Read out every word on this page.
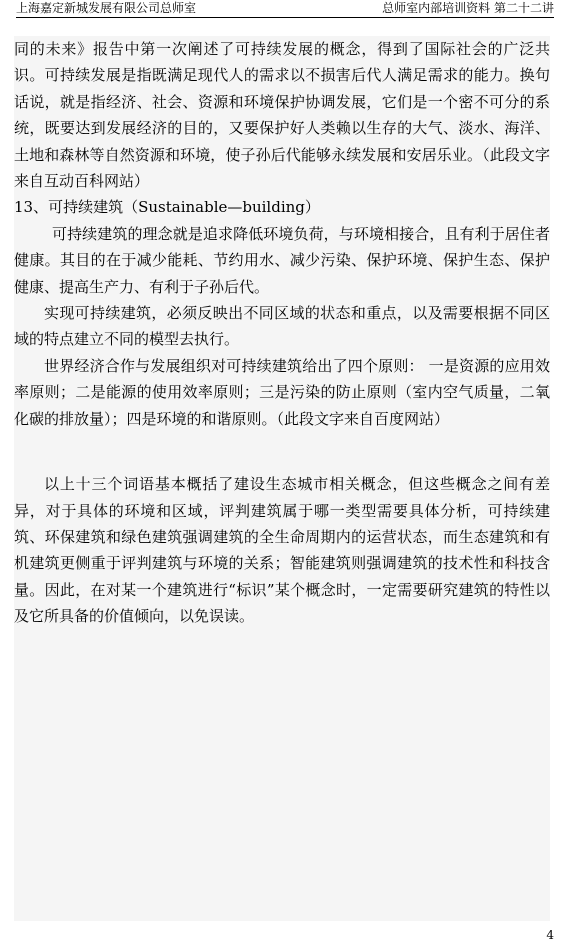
上海嘉定新城发展有限公司总师室	总师室内部培训资料 第二十二讲

同的未来》报告中第一次阐述了可持续发展的概念，得到了国际社会的广泛共识。可持续发展是指既满足现代人的需求以不损害后代人满足需求的能力。换句话说，就是指经济、社会、资源和环境保护协调发展，它们是一个密不可分的系统，既要达到发展经济的目的，又要保护好人类赖以生存的大气、淡水、海洋、土地和森林等自然资源和环境，使子孙后代能够永续发展和安居乐业。（此段文字来自互动百科网站）

13、可持续建筑（Sustainable—building）

可持续建筑的理念就是追求降低环境负荷，与环境相接合，且有利于居住者健康。其目的在于减少能耗、节约用水、减少污染、保护环境、保护生态、保护健康、提高生产力、有利于子孙后代。

实现可持续建筑，必须反映出不同区域的状态和重点，以及需要根据不同区域的特点建立不同的模型去执行。

世界经济合作与发展组织对可持续建筑给出了四个原则： 一是资源的应用效率原则；二是能源的使用效率原则；三是污染的防止原则（室内空气质量，二氧化碳的排放量）；四是环境的和谐原则。（此段文字来自百度网站）

以上十三个词语基本概括了建设生态城市相关概念，但这些概念之间有差异，对于具体的环境和区域，评判建筑属于哪一类型需要具体分析，可持续建筑、环保建筑和绿色建筑强调建筑的全生命周期内的运营状态，而生态建筑和有机建筑更侧重于评判建筑与环境的关系；智能建筑则强调建筑的技术性和科技含量。因此，在对某一个建筑进行“标识”某个概念时，一定需要研究建筑的特性以及它所具备的价值倾向，以免误读。

4
